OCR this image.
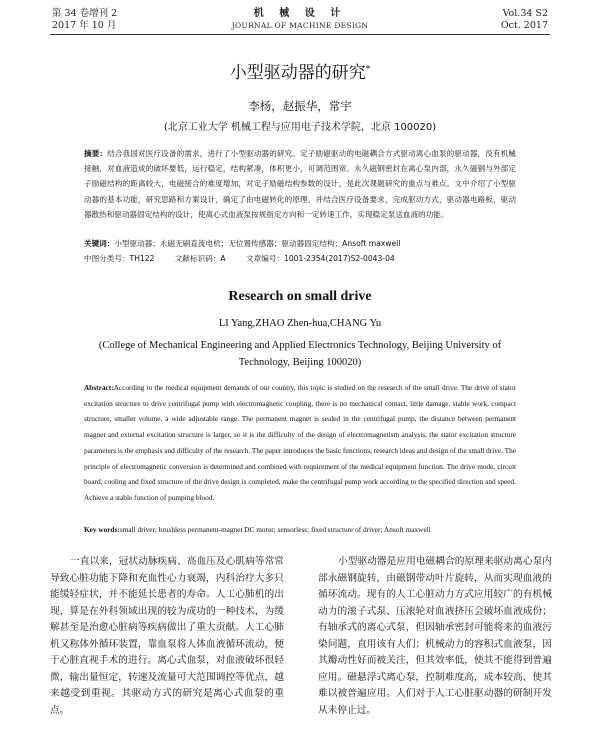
第 34 卷增刊 2
2017 年 10 月
机 械 设 计
JOURNAL OF MACHINE DESIGN
Vol.34 S2
Oct. 2017
小型驱动器的研究*
李杨，赵振华，常宇
(北京工业大学 机械工程与应用电子技术学院，北京 100020)
摘要：结合我国对医疗设备的需求，进行了小型驱动器的研究。定子励磁驱动的电磁耦合方式驱动离心血泵的驱动器，没有机械接触，对血液造成的破坏要低，运行稳定，结构紧凑，体积更小，可调范围宽。永久磁钢密封在离心泵内部，永久磁钢与外部定子励磁结构的距离较大，电磁接合的难度增加，对定子励磁结构参数的设计，是此次课题研究的重点与难点。文中介绍了小型驱动器的基本功能，研究思路和方案设计，确定了由电磁转化的原理，并结合医疗设备要求，完成驱动方式，驱动器电路板，驱动器散热和驱动器固定结构的设计，使离心式血液泵按规指定方向和一定转速工作，实现稳定泵送血液的功能。
关键词：小型驱动器；永磁无刷直流电机；无位置传感器；驱动器固定结构；Ansoft maxwell
中图分类号：TH122	文献标识码：A	文章编号：1001-2354(2017)S2-0043-04
Research on small drive
LI Yang,ZHAO Zhen-hua,CHANG Yu
(College of Mechanical Engineering and Applied Electronics Technology, Beijing University of Technology, Beijing 100020)
Abstract:According to the medical equipment demands of our country, this topic is studied on the research of the small drive. The drive of stator excitation structure to drive centrifugal pump with electromagnetic coupling, there is no mechanical contact, little damage, stable work, compact structure, smaller volume, a wide adjustable range. The permanent magnet is sealed in the centrifugal pump, the distance between permanent magnet and external excitation structure is larger, so it is the difficulty of the design of electromagnetism analysis, the stator excitation structure parameters is the emphasis and difficulty of the research. The paper introduces the basic functions, research ideas and design of the small drive. The principle of electromagnetic conversion is determined and combined with requirement of the medical equipment function. The drive mode, circuit board, cooling and fixed structure of the drive design is completed, make the centrifugal pump work according to the specified direction and speed. Achieve a stable function of pumping blood.
Key words:small driver; brushless permanent-magnet DC motor; sensorless; fixed structure of driver; Ansoft maxwell
一直以来，冠状动脉疾病、高血压及心肌病等常常导致心脏功能下降和充血性心力衰竭，内科治疗大多只能缓轻症状，并不能延长患者的寿命。人工心肺机的出现，算是在外科领域出现的较为成功的一种技术，为缓解甚至是治愈心脏病等疾病做出了重大贡献。人工心肺机又称体外循环装置，靠血泵将人体血液循环流动，便于心脏直视手术的进行。离心式血泵，对血液破坏很轻微，输出量恒定，转速及流量可大范围调控等优点，越来越受到重视。其驱动方式的研究是离心式血泵的重点。
小型驱动器是应用电磁耦合的原理来驱动离心泵内部永磁钢旋转，由磁钢带动叶片旋转，从而实现血液的循环流动。现有的人工心脏动力方式应用较广的有机械动力的滚子式泵、压滚轮对血液挤压会破坏血液成份；有轴承式的离心式泵，但因轴承密封可能将来的血液污染问题，直用该有人们；机械动力的容积式血液泵，因其瓣动性好而被关注，但其效率低，使其不能得到普遍应用。磁悬浮式离心泵，控制难度高，成本较高，使其难以被普遍应用。人们对于人工心脏驱动器的研制开发从未停止过。
